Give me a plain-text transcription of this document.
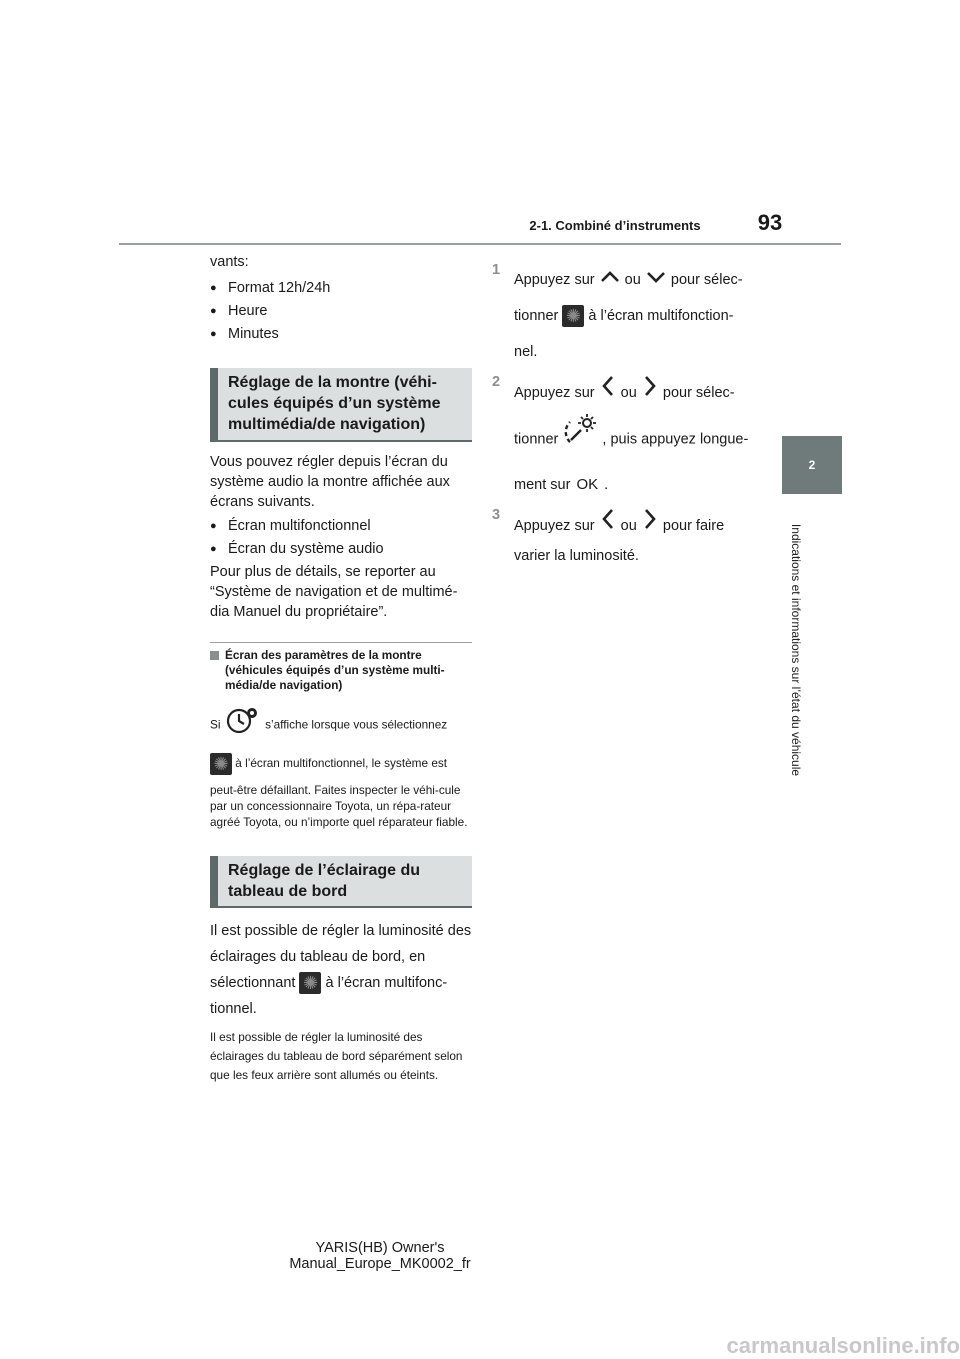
2-1. Combiné d’instruments	93
2
Indications et informations sur l’état du véhicule

vants:

● Format 12h/24h
● Heure
● Minutes
Réglage de la montre (véhi-cules équipés d’un système multimédia/de navigation)

Vous pouvez régler depuis l’écran du système audio la montre affichée aux écrans suivants.

● Écran multifonctionnel
● Écran du système audio

Pour plus de détails, se reporter au “Système de navigation et de multimé-dia Manuel du propriétaire”.

Écran des paramètres de la montre (véhicules équipés d’un système multi-média/de navigation)

Si	s’affiche lorsque vous sélectionnez

✺ à l’écran multifonctionnel, le système est

peut-être défaillant. Faites inspecter le véhi-cule par un concessionnaire Toyota, un répa-rateur agréé Toyota, ou n’importe quel réparateur fiable.

Réglage de l’éclairage du tableau de bord

Il est possible de régler la luminosité des éclairages du tableau de bord, en sélectionnant ✺ à l’écran multifonc-tionnel.

Il est possible de régler la luminosité des éclairages du tableau de bord séparément selon que les feux arrière sont allumés ou éteints.

1

Appuyez sur ou pour sélec-

tionner ✺ à l’écran multifonction-

nel.

2

Appuyez sur ou pour sélec-

tionner	, puis appuyez longue-

ment sur OK .

3

Appuyez sur ou pour faire

varier la luminosité.

YARIS(HB) Owner's Manual_Europe_MK0002_fr
carmanualsonline.info
